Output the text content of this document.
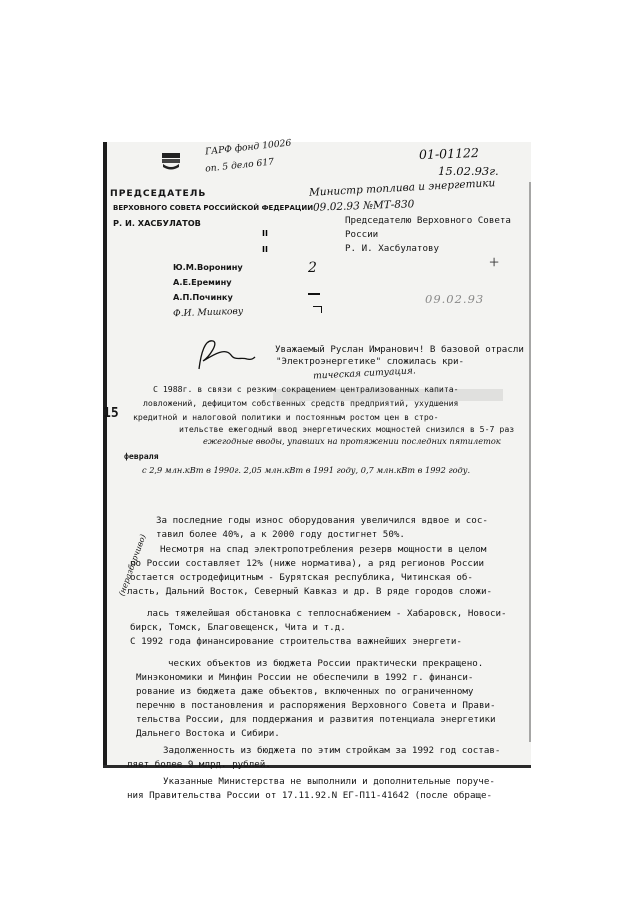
ГАРФ фонд 10026
оп. 5 дело 617
01-01122
15.02.93г.
ПРЕДСЕДАТЕЛЬ
ВЕРХОВНОГО СОВЕТА РОССИЙСКОЙ ФЕДЕРАЦИИ
Р. И. ХАСБУЛАТОВ
Министр топлива и энергетики
09.02.93 №МТ-830
II
II
Председателю Верховного Совета
России
Р. И. Хасбулатову
Ю.М.Воронину
А.Е.Еремину
А.П.Починку
Ф.И. Мишкову
2	+
09.02.93
Уважаемый Руслан Имранович! В базовой отрасли
"Электроэнергетике" сложилась кри-
тическая ситуация.
С 1988г. в связи с резким сокращением централизованных капита-
ловложений, дефицитом собственных средств предприятий, ухудшения
кредитной и налоговой политики и постоянным ростом цен в стро-
ительстве ежегодный ввод энергетических мощностей снизился в 5-7 раз
15
февраля
ежегодные вводы, упавших на протяжении последних пятилеток
с 2,9 млн.кВт в 1990г. 2,05 млн.кВт в 1991 году, 0,7 млн.кВт в 1992 году.
За последние годы износ оборудования увеличился вдвое и сос-
тавил более 40%, а к 2000 году достигнет 50%.
Несмотря на спад электропотребления резерв мощности в целом
по России составляет 12% (ниже норматива), а ряд регионов России
остается остродефицитным - Бурятская республика, Читинская об-
ласть, Дальний Восток, Северный Кавказ и др. В ряде городов сложи-
лась тяжелейшая обстановка с теплоснабжением - Хабаровск, Новоси-
бирск, Томск, Благовещенск, Чита и т.д.
С 1992 года финансирование строительства важнейших энергети-
ческих объектов из бюджета России практически прекращено.
Минэкономики и Минфин России не обеспечили в 1992 г. финанси-
рование из бюджета даже объектов, включенных по ограниченному
перечню в постановления и распоряжения Верховного Совета и Прави-
тельства России, для поддержания и развития потенциала энергетики
Дальнего Востока и Сибири.
Задолженность из бюджета по этим стройкам за 1992 год состав-
ляет более 9 млрд. рублей.
Указанные Министерства не выполнили и дополнительные поруче-
ния Правительства России от 17.11.92.N ЕГ-П11-41642 (после обраще-
(неразборчиво)
